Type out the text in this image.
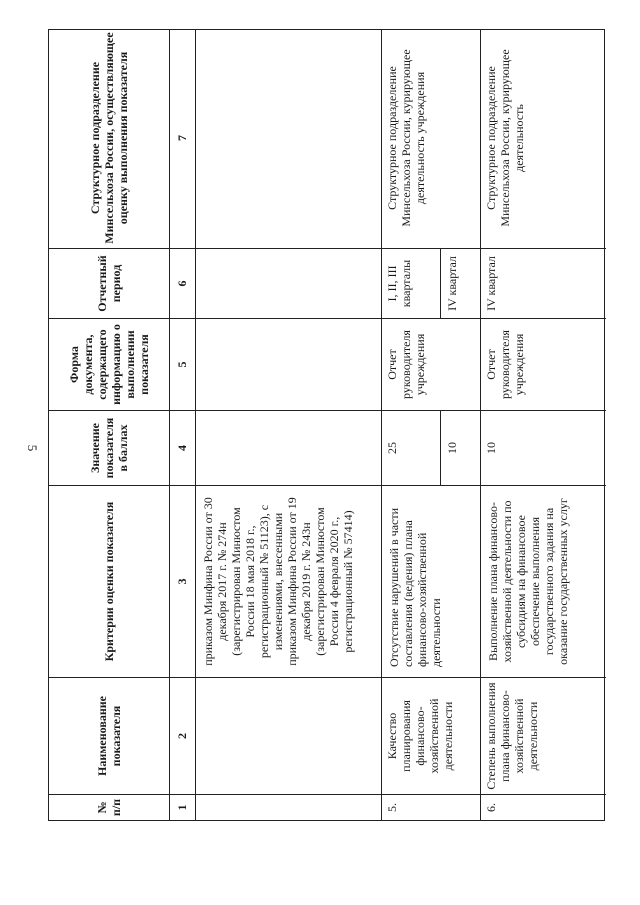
5
№ п/п
Наименование показателя
Критерии оценки показателя
Значение показателя в баллах
Форма документа, содержащего информацию о выполнении показателя
Отчетный период
Структурное подразделение Минсельхоза России, осуществляющее оценку выполнения показателя
1
2
3
4
5
6
7
приказом Минфина России от 30 декабря 2017 г. № 274н (зарегистрирован Минюстом России 18 мая 2018 г., регистрационный № 51123), с изменениями, внесенными приказом Минфина России от 19 декабря 2019 г. № 243н (зарегистрирован Минюстом России 4 февраля 2020 г., регистрационный № 57414)
5.
Качество планирования финансово-хозяйственной деятельности
Отсутствие нарушений в части составления (ведения) плана финансово-хозяйственной деятельности
25	10
Отчет руководителя учреждения
I, II, III кварталы	IV квартал
Структурное подразделение Минсельхоза России, курирующее деятельность учреждения
6.
Степень выполнения плана финансово-хозяйственной деятельности
Выполнение плана финансово-хозяйственной деятельности по субсидиям на финансовое обеспечение выполнения государственного задания на оказание государственных услуг
10
Отчет руководителя учреждения
IV квартал
Структурное подразделение Минсельхоза России, курирующее деятельность
